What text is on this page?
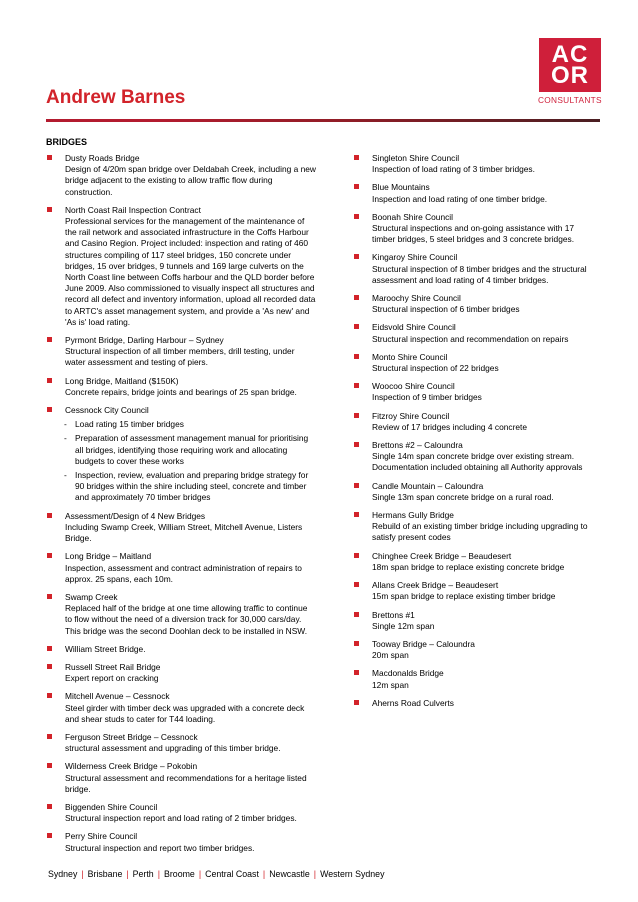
AC
OR
CONSULTANTS
Andrew Barnes
BRIDGES
Dusty Roads Bridge
Design of 4/20m span bridge over Deldabah Creek, including a new bridge adjacent to the existing to allow traffic flow during construction.
North Coast Rail Inspection Contract
Professional services for the management of the maintenance of the rail network and associated infrastructure in the Coffs Harbour and Casino Region. Project included: inspection and rating of 460 structures compiling of 117 steel bridges, 150 concrete under bridges, 15 over bridges, 9 tunnels and 169 large culverts on the North Coast line between Coffs harbour and the QLD border before June 2009. Also commissioned to visually inspect all structures and record all defect and inventory information, upload all recorded data to ARTC's asset management system, and provide a 'As new' and 'As is' load rating.
Pyrmont Bridge, Darling Harbour – Sydney
Structural inspection of all timber members, drill testing, under water assessment and testing of piers.
Long Bridge, Maitland ($150K)
Concrete repairs, bridge joints and bearings of 25 span bridge.
Cessnock City Council
- Load rating 15 timber bridges
- Preparation of assessment management manual for prioritising all bridges, identifying those requiring work and allocating budgets to cover these works
- Inspection, review, evaluation and preparing bridge strategy for 90 bridges within the shire including steel, concrete and timber and approximately 70 timber bridges
Assessment/Design of 4 New Bridges
Including Swamp Creek, William Street, Mitchell Avenue, Listers Bridge.
Long Bridge – Maitland
Inspection, assessment and contract administration of repairs to approx. 25 spans, each 10m.
Swamp Creek
Replaced half of the bridge at one time allowing traffic to continue to flow without the need of a diversion track for 30,000 cars/day. This bridge was the second Doohlan deck to be installed in NSW.
William Street Bridge.
Russell Street Rail Bridge
Expert report on cracking
Mitchell Avenue – Cessnock
Steel girder with timber deck was upgraded with a concrete deck and shear studs to cater for T44 loading.
Ferguson Street Bridge – Cessnock
structural assessment and upgrading of this timber bridge.
Wilderness Creek Bridge – Pokobin
Structural assessment and recommendations for a heritage listed bridge.
Biggenden Shire Council
Structural inspection report and load rating of 2 timber bridges.
Perry Shire Council
Structural inspection and report two timber bridges.
Singleton Shire Council
Inspection of load rating of 3 timber bridges.
Blue Mountains
Inspection and load rating of one timber bridge.
Boonah Shire Council
Structural inspections and on-going assistance with 17 timber bridges, 5 steel bridges and 3 concrete bridges.
Kingaroy Shire Council
Structural inspection of 8 timber bridges and the structural assessment and load rating of 4 timber bridges.
Maroochy Shire Council
Structural inspection of 6 timber bridges
Eidsvold Shire Council
Structural inspection and recommendation on repairs
Monto Shire Council
Structural inspection of 22 bridges
Woocoo Shire Council
Inspection of 9 timber bridges
Fitzroy Shire Council
Review of 17 bridges including 4 concrete
Brettons #2 – Caloundra
Single 14m span concrete bridge over existing stream. Documentation included obtaining all Authority approvals
Candle Mountain – Caloundra
Single 13m span concrete bridge on a rural road.
Hermans Gully Bridge
Rebuild of an existing timber bridge including upgrading to satisfy present codes
Chinghee Creek Bridge – Beaudesert
18m span bridge to replace existing concrete bridge
Allans Creek Bridge – Beaudesert
15m span bridge to replace existing timber bridge
Brettons #1
Single 12m span
Tooway Bridge – Caloundra
20m span
Macdonalds Bridge
12m span
Aherns Road Culverts
Sydney | Brisbane | Perth | Broome | Central Coast | Newcastle | Western Sydney
